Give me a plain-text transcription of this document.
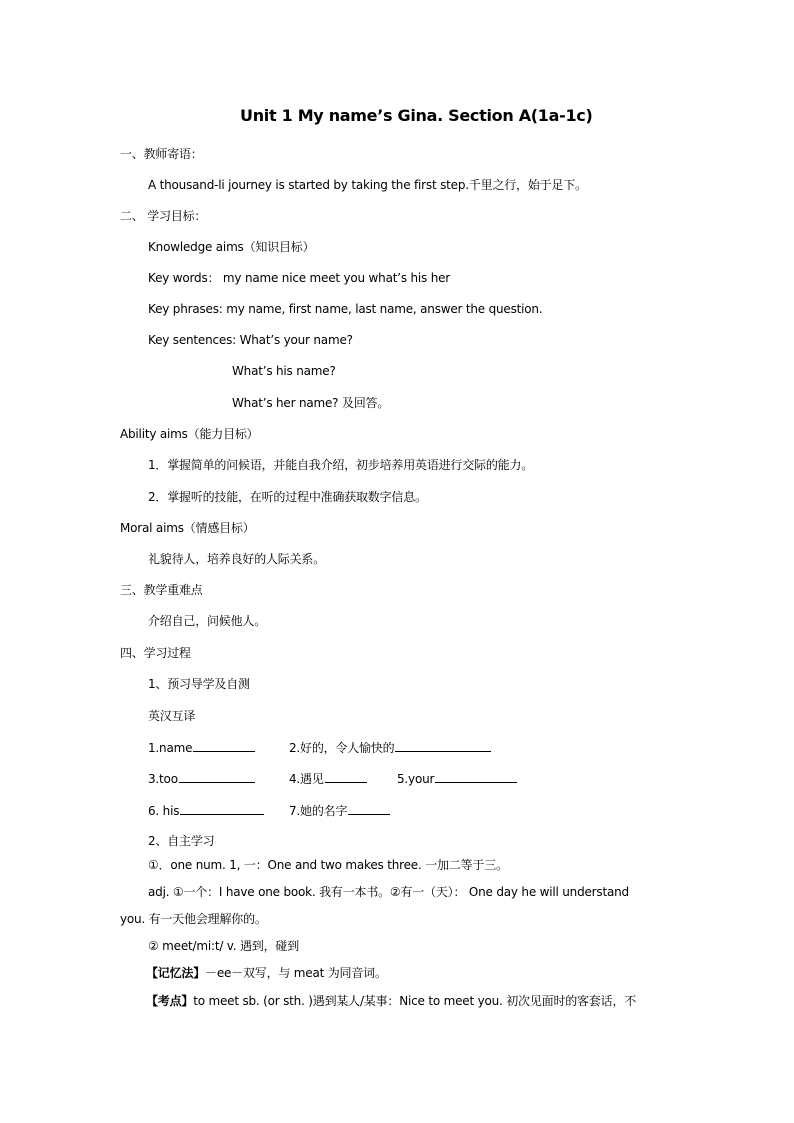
Unit 1 My name’s Gina. Section A(1a-1c)
一、教师寄语：
A thousand-li journey is started by taking the first step.千里之行，始于足下。
二、 学习目标：
Knowledge aims（知识目标）
Key words： my name nice meet you what’s his her
Key phrases: my name, first name, last name, answer the question.
Key sentences: What’s your name?
What’s his name?
What’s her name? 及回答。
Ability aims（能力目标）
1．掌握简单的问候语，并能自我介绍，初步培养用英语进行交际的能力。
2．掌握听的技能，在听的过程中准确获取数字信息。
Moral aims（情感目标）
礼貌待人，培养良好的人际关系。
三、教学重难点
介绍自己，问候他人。
四、学习过程
1、预习导学及自测
英汉互译
1.name	2.好的，令人愉快的
3.too	4.遇见	5.your
6. his	7.她的名字
2、自主学习
①．one num. 1, 一：One and two makes three. 一加二等于三。
adj. ①一个：I have one book. 我有一本书。②有一（天）： One day he will understand
you. 有一天他会理解你的。
② meet/mi:t/ v. 遇到，碰到
【记忆法】－ee－双写，与 meat 为同音词。
【考点】to meet sb. (or sth. )遇到某人/某事：Nice to meet you. 初次见面时的客套话，不
